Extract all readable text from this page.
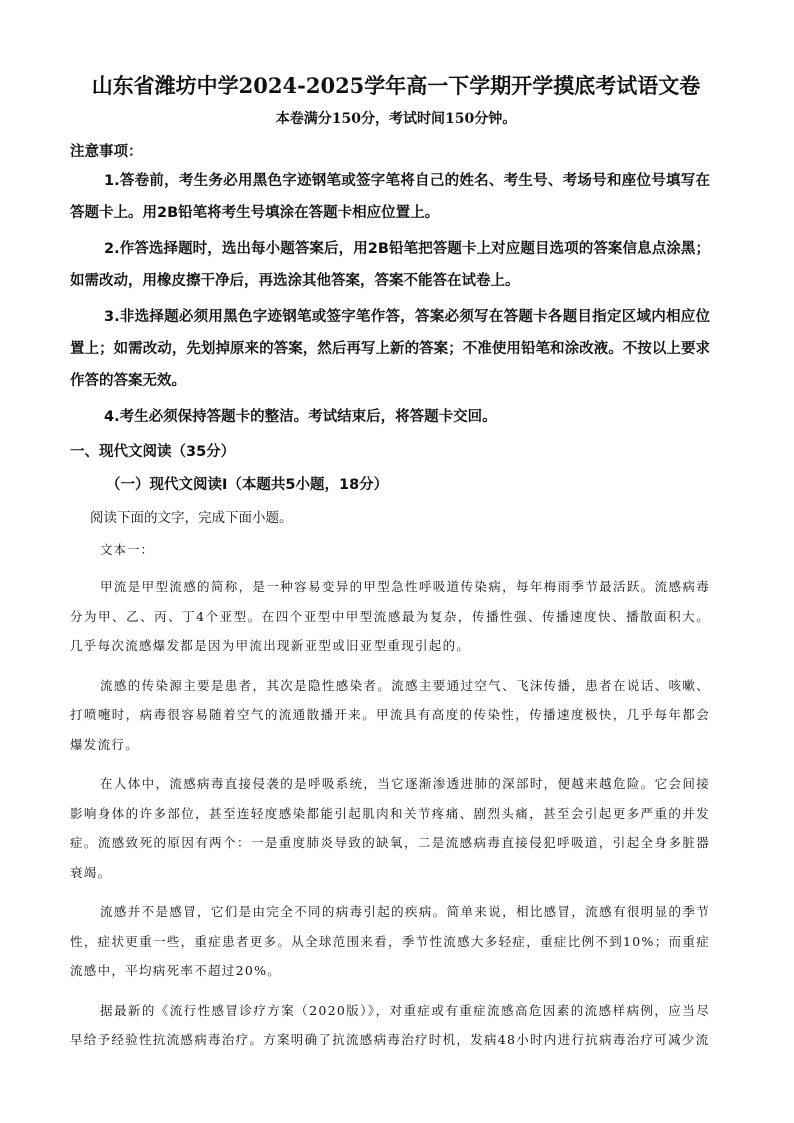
山东省潍坊中学2024-2025学年高一下学期开学摸底考试语文卷
本卷满分150分，考试时间150分钟。
注意事项：
1.答卷前，考生务必用黑色字迹钢笔或签字笔将自己的姓名、考生号、考场号和座位号填写在答题卡上。用2B铅笔将考生号填涂在答题卡相应位置上。
2.作答选择题时，选出每小题答案后，用2B铅笔把答题卡上对应题目选项的答案信息点涂黑；如需改动，用橡皮擦干净后，再选涂其他答案，答案不能答在试卷上。
3.非选择题必须用黑色字迹钢笔或签字笔作答，答案必须写在答题卡各题目指定区域内相应位置上；如需改动，先划掉原来的答案，然后再写上新的答案；不准使用铅笔和涂改液。不按以上要求作答的答案无效。
4.考生必须保持答题卡的整洁。考试结束后，将答题卡交回。
一、现代文阅读（35分）
（一）现代文阅读Ⅰ（本题共5小题，18分）
阅读下面的文字，完成下面小题。
文本一：
甲流是甲型流感的简称，是一种容易变异的甲型急性呼吸道传染病，每年梅雨季节最活跃。流感病毒分为甲、乙、丙、丁4个亚型。在四个亚型中甲型流感最为复杂，传播性强、传播速度快、播散面积大。几乎每次流感爆发都是因为甲流出现新亚型或旧亚型重现引起的。
流感的传染源主要是患者，其次是隐性感染者。流感主要通过空气、飞沫传播，患者在说话、咳嗽、打喷嚏时，病毒很容易随着空气的流通散播开来。甲流具有高度的传染性，传播速度极快，几乎每年都会爆发流行。
在人体中，流感病毒直接侵袭的是呼吸系统，当它逐渐渗透进肺的深部时，便越来越危险。它会间接影响身体的许多部位，甚至连轻度感染都能引起肌肉和关节疼痛、剧烈头痛，甚至会引起更多严重的并发症。流感致死的原因有两个：一是重度肺炎导致的缺氧，二是流感病毒直接侵犯呼吸道，引起全身多脏器衰竭。
流感并不是感冒，它们是由完全不同的病毒引起的疾病。简单来说，相比感冒，流感有很明显的季节性，症状更重一些，重症患者更多。从全球范围来看，季节性流感大多轻症，重症比例不到10%；而重症流感中，平均病死率不超过20%。
据最新的《流行性感冒诊疗方案（2020版）》，对重症或有重症流感高危因素的流感样病例，应当尽早给予经验性抗流感病毒治疗。方案明确了抗流感病毒治疗时机，发病48小时内进行抗病毒治疗可减少流
